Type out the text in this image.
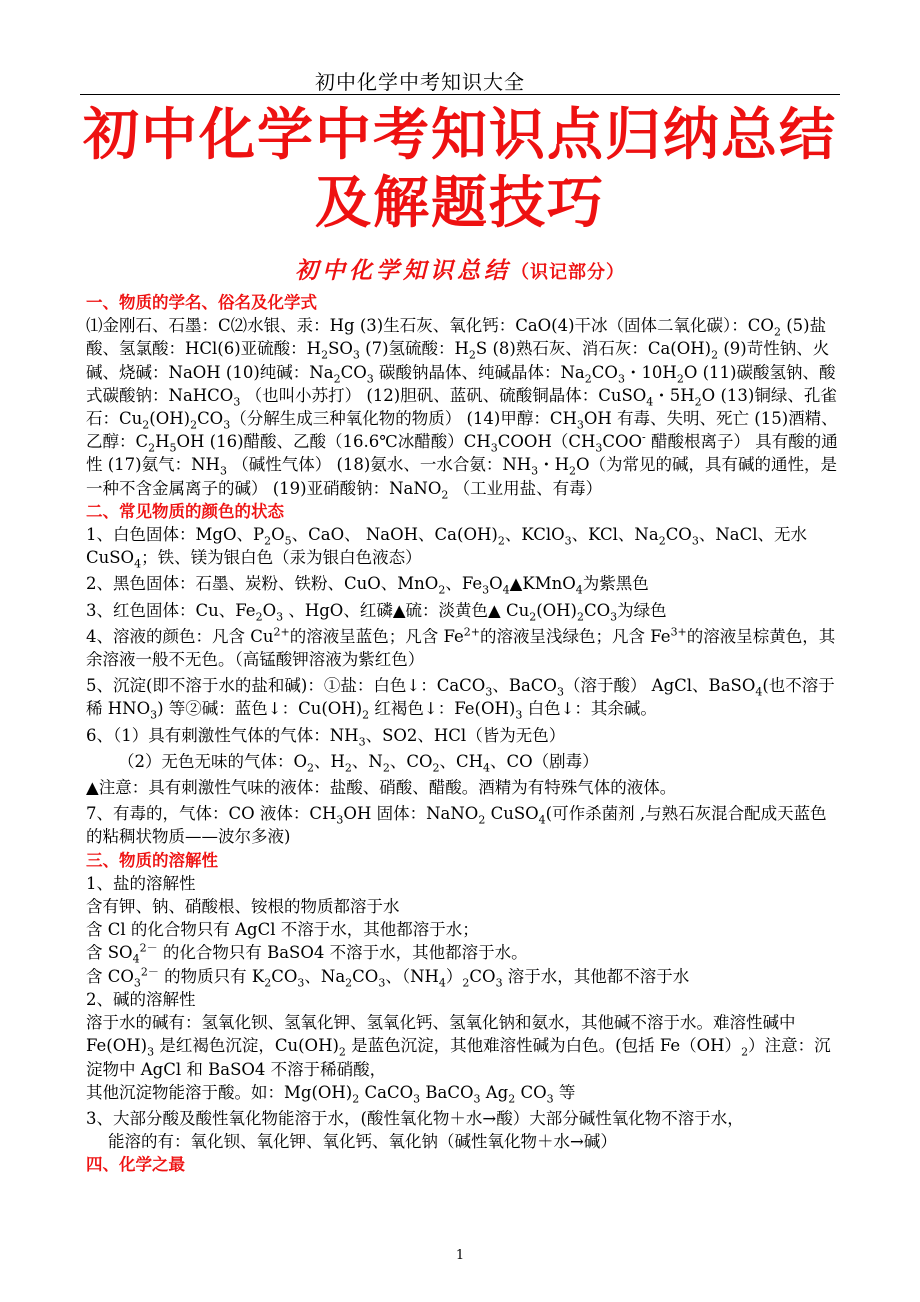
初中化学中考知识大全
初中化学中考知识点归纳总结
及解题技巧
初中化学知识总结（识记部分）

一、物质的学名、俗名及化学式

⑴金刚石、石墨：C⑵水银、汞：Hg (3)生石灰、氧化钙：CaO(4)干冰（固体二氧化碳）：$CO_2$ (5)盐酸、氢氯酸：HCl(6)亚硫酸：$H_2SO_3$ (7)氢硫酸：$H_2S$ (8)熟石灰、消石灰：$Ca(OH)_2$ (9)苛性钠、火碱、烧碱：NaOH (10)纯碱：$Na_2CO_3$ 碳酸钠晶体、纯碱晶体：$Na_2CO_3$・$10H_2O$ (11)碳酸氢钠、酸式碳酸钠：NaHCO$_3$ （也叫小苏打） (12)胆矾、蓝矾、硫酸铜晶体：CuSO$_4$・$5H_2O$ (13)铜绿、孔雀石：$Cu_2(OH)_2CO_3$（分解生成三种氧化物的物质） (14)甲醇：$CH_3OH$ 有毒、失明、死亡 (15)酒精、乙醇：$C_2H_5OH$ (16)醋酸、乙酸（16.6℃冰醋酸）$CH_3COOH(CH_3COO^-$ 醋酸根离子） 具有酸的通性 (17)氨气：$NH_3$ （碱性气体） (18)氨水、一水合氨：$NH_3$・$H_2O$（为常见的碱，具有碱的通性，是一种不含金属离子的碱） (19)亚硝酸钠：NaNO$_2$ （工业用盐、有毒）

二、常见物质的颜色的状态

1、白色固体：MgO、$P_2O_5$、CaO、 NaOH、$Ca(OH)_2$、KClO$_3$、KCl、$Na_2CO_3$、NaCl、无水CuSO$_4$；铁、镁为银白色（汞为银白色液态）

2、黑色固体：石墨、炭粉、铁粉、CuO、MnO$_2$、$Fe_3O_4▲KMnO_4$为紫黑色

3、红色固体：Cu、$Fe_2O_3$ 、HgO、红磷▲硫：淡黄色▲ $Cu_2(OH)_2CO_3$为绿色

4、溶液的颜色：凡含 $Cu^{2+}$的溶液呈蓝色；凡含 $Fe^{2+}$的溶液呈浅绿色；凡含 $Fe^{3+}$的溶液呈棕黄色，其余溶液一般不无色。（高锰酸钾溶液为紫红色）

5、沉淀(即不溶于水的盐和碱)：①盐：白色↓：CaCO$_3$、BaCO$_3$（溶于酸） AgCl、BaSO$_4$(也不溶于稀 $HNO_3$) 等②碱：蓝色↓：$Cu(OH)_2$ 红褐色↓：$Fe(OH)_3$ 白色↓：其余碱。

6、（1）具有刺激性气体的气体：$NH_3$、SO2、HCl（皆为无色）

（2）无色无味的气体：$O_2$、$H_2$、$N_2$、$CO_2$、$CH_4$、CO（剧毒）

▲注意：具有刺激性气味的液体：盐酸、硝酸、醋酸。酒精为有特殊气体的液体。

7、有毒的，气体：CO 液体：$CH_3OH$ 固体：NaNO$_2$ CuSO$_4$(可作杀菌剂 ,与熟石灰混合配成天蓝色的粘稠状物质——波尔多液)

三、物质的溶解性

1、盐的溶解性

含有钾、钠、硝酸根、铵根的物质都溶于水

含 Cl 的化合物只有 AgCl 不溶于水，其他都溶于水；

含 $SO_4^{2-}$ 的化合物只有 BaSO4 不溶于水，其他都溶于水。

含 $CO_3^{2-}$ 的物质只有 $K_2CO_3$、$Na_2CO_3$、$(NH_4)_2CO_3$ 溶于水，其他都不溶于水

2、碱的溶解性

溶于水的碱有：氢氧化钡、氢氧化钾、氢氧化钙、氢氧化钠和氨水，其他碱不溶于水。难溶性碱中 $Fe(OH)_3$ 是红褐色沉淀，$Cu(OH)_2$ 是蓝色沉淀，其他难溶性碱为白色。(包括 $Fe(OH)_2$）注意：沉淀物中 AgCl 和 BaSO4 不溶于稀硝酸，

其他沉淀物能溶于酸。如：$Mg(OH)_2$ CaCO$_3$ BaCO$_3$ $Ag_2$ $CO_3$ 等

3、大部分酸及酸性氧化物能溶于水，(酸性氧化物＋水→酸）大部分碱性氧化物不溶于水，

能溶的有：氧化钡、氧化钾、氧化钙、氧化钠（碱性氧化物＋水→碱）

四、化学之最

1
